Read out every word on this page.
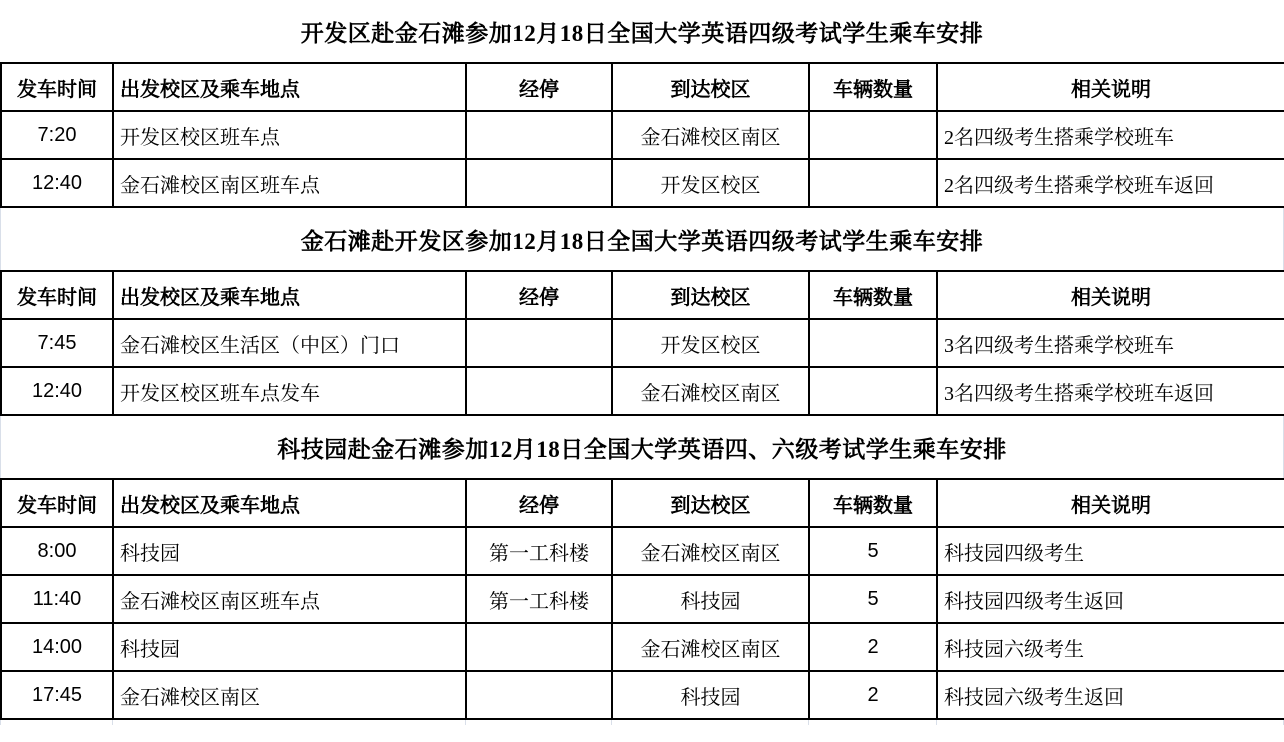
开发区赴金石滩参加12月18日全国大学英语四级考试学生乘车安排
发车时间	出发校区及乘车地点	经停	到达校区	车辆数量	相关说明
7:20	开发区校区班车点		金石滩校区南区		2名四级考生搭乘学校班车
12:40	金石滩校区南区班车点		开发区校区		2名四级考生搭乘学校班车返回
金石滩赴开发区参加12月18日全国大学英语四级考试学生乘车安排
发车时间	出发校区及乘车地点	经停	到达校区	车辆数量	相关说明
7:45	金石滩校区生活区（中区）门口		开发区校区		3名四级考生搭乘学校班车
12:40	开发区校区班车点发车		金石滩校区南区		3名四级考生搭乘学校班车返回
科技园赴金石滩参加12月18日全国大学英语四、六级考试学生乘车安排
发车时间	出发校区及乘车地点	经停	到达校区	车辆数量	相关说明
8:00	科技园	第一工科楼	金石滩校区南区	5	科技园四级考生
11:40	金石滩校区南区班车点	第一工科楼	科技园	5	科技园四级考生返回
14:00	科技园		金石滩校区南区	2	科技园六级考生
17:45	金石滩校区南区		科技园	2	科技园六级考生返回
